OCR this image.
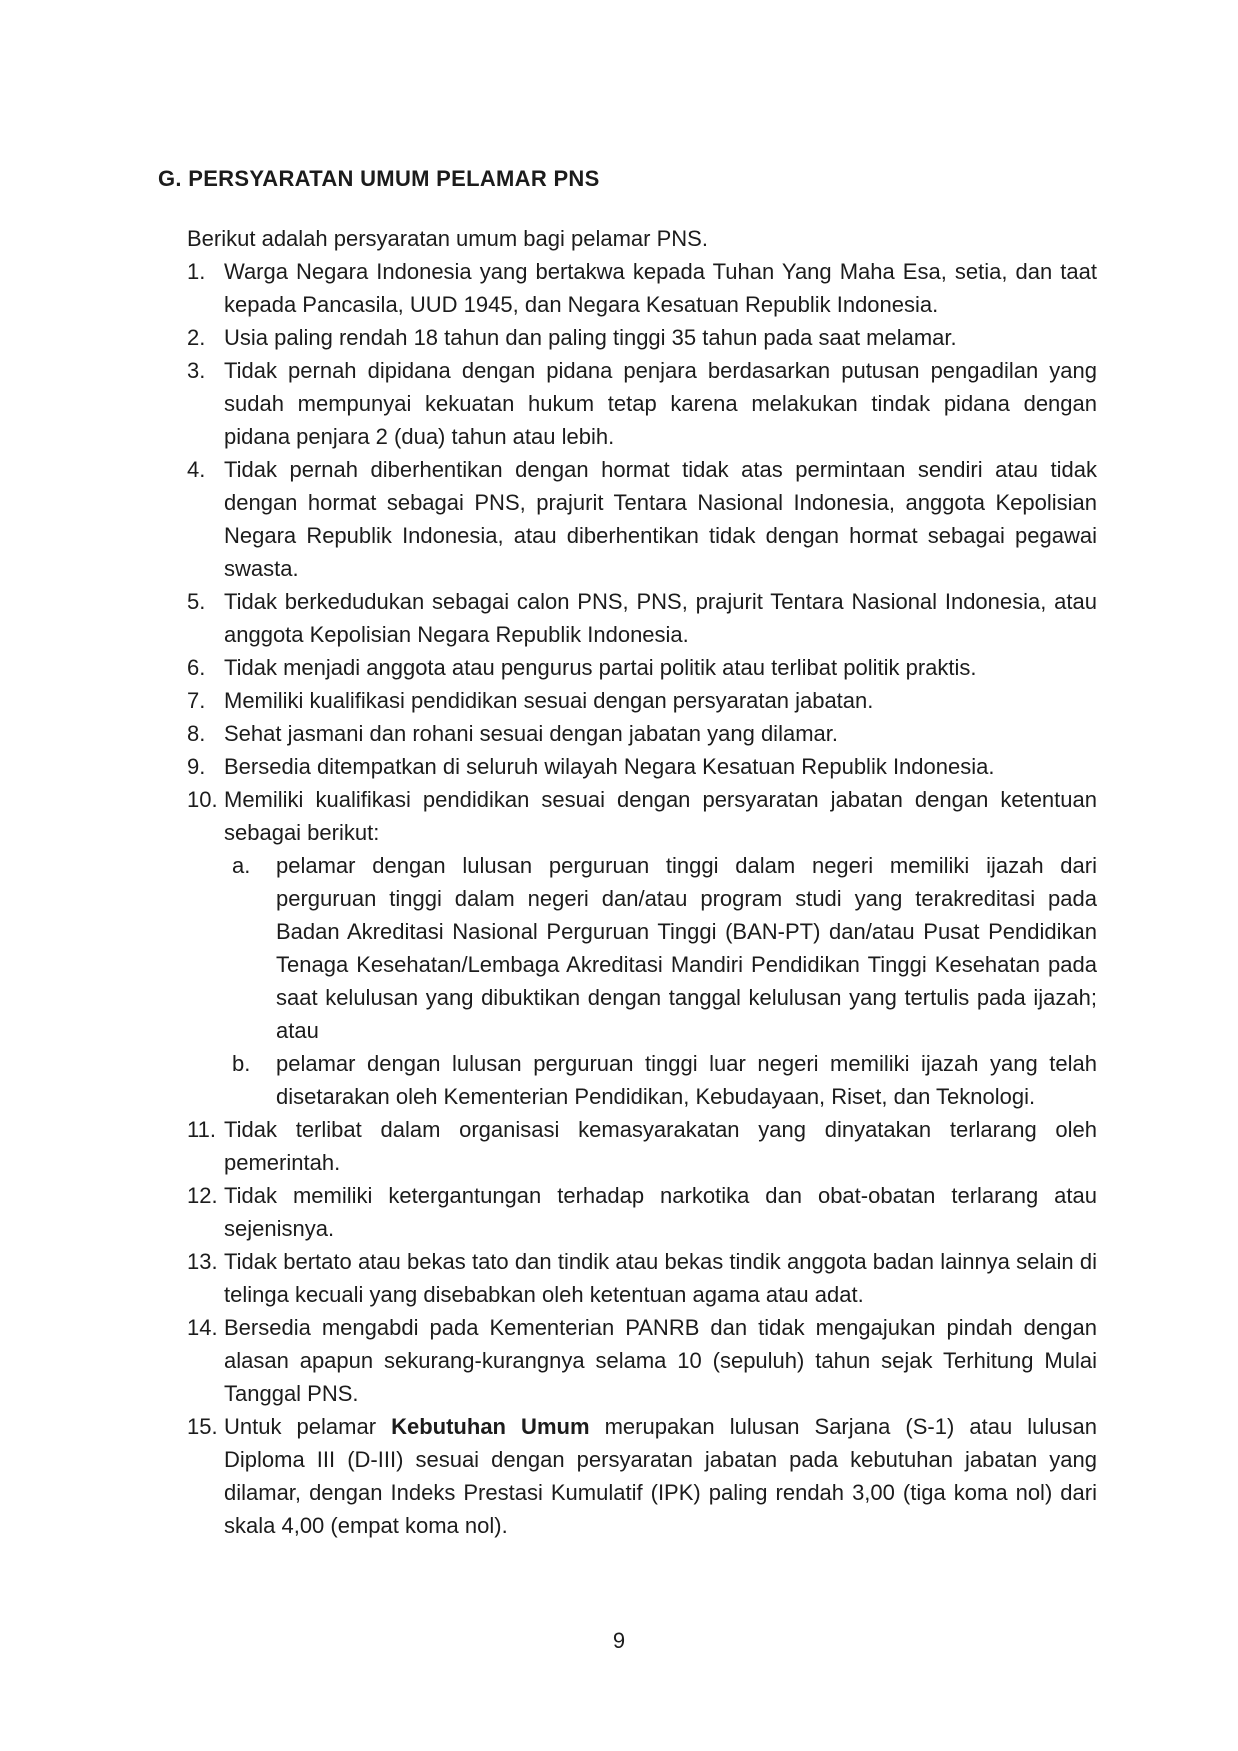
G. PERSYARATAN UMUM PELAMAR PNS

Berikut adalah persyaratan umum bagi pelamar PNS.

1. Warga Negara Indonesia yang bertakwa kepada Tuhan Yang Maha Esa, setia, dan taat kepada Pancasila, UUD 1945, dan Negara Kesatuan Republik Indonesia.
2. Usia paling rendah 18 tahun dan paling tinggi 35 tahun pada saat melamar.
3. Tidak pernah dipidana dengan pidana penjara berdasarkan putusan pengadilan yang sudah mempunyai kekuatan hukum tetap karena melakukan tindak pidana dengan pidana penjara 2 (dua) tahun atau lebih.
4. Tidak pernah diberhentikan dengan hormat tidak atas permintaan sendiri atau tidak dengan hormat sebagai PNS, prajurit Tentara Nasional Indonesia, anggota Kepolisian Negara Republik Indonesia, atau diberhentikan tidak dengan hormat sebagai pegawai swasta.
5. Tidak berkedudukan sebagai calon PNS, PNS, prajurit Tentara Nasional Indonesia, atau anggota Kepolisian Negara Republik Indonesia.
6. Tidak menjadi anggota atau pengurus partai politik atau terlibat politik praktis.
7. Memiliki kualifikasi pendidikan sesuai dengan persyaratan jabatan.
8. Sehat jasmani dan rohani sesuai dengan jabatan yang dilamar.
9. Bersedia ditempatkan di seluruh wilayah Negara Kesatuan Republik Indonesia.
10. Memiliki kualifikasi pendidikan sesuai dengan persyaratan jabatan dengan ketentuan sebagai berikut:
a.	pelamar dengan lulusan perguruan tinggi dalam negeri memiliki ijazah dari perguruan tinggi dalam negeri dan/atau program studi yang terakreditasi pada Badan Akreditasi Nasional Perguruan Tinggi (BAN-PT) dan/atau Pusat Pendidikan Tenaga Kesehatan/Lembaga Akreditasi Mandiri Pendidikan Tinggi Kesehatan pada saat kelulusan yang dibuktikan dengan tanggal kelulusan yang tertulis pada ijazah; atau
b.	pelamar dengan lulusan perguruan tinggi luar negeri memiliki ijazah yang telah disetarakan oleh Kementerian Pendidikan, Kebudayaan, Riset, dan Teknologi.
11. Tidak terlibat dalam organisasi kemasyarakatan yang dinyatakan terlarang oleh pemerintah.
12. Tidak memiliki ketergantungan terhadap narkotika dan obat-obatan terlarang atau sejenisnya.
13. Tidak bertato atau bekas tato dan tindik atau bekas tindik anggota badan lainnya selain di telinga kecuali yang disebabkan oleh ketentuan agama atau adat.
14. Bersedia mengabdi pada Kementerian PANRB dan tidak mengajukan pindah dengan alasan apapun sekurang-kurangnya selama 10 (sepuluh) tahun sejak Terhitung Mulai Tanggal PNS.
15. Untuk pelamar Kebutuhan Umum merupakan lulusan Sarjana (S-1) atau lulusan Diploma III (D-III) sesuai dengan persyaratan jabatan pada kebutuhan jabatan yang dilamar, dengan Indeks Prestasi Kumulatif (IPK) paling rendah 3,00 (tiga koma nol) dari skala 4,00 (empat koma nol).
9
